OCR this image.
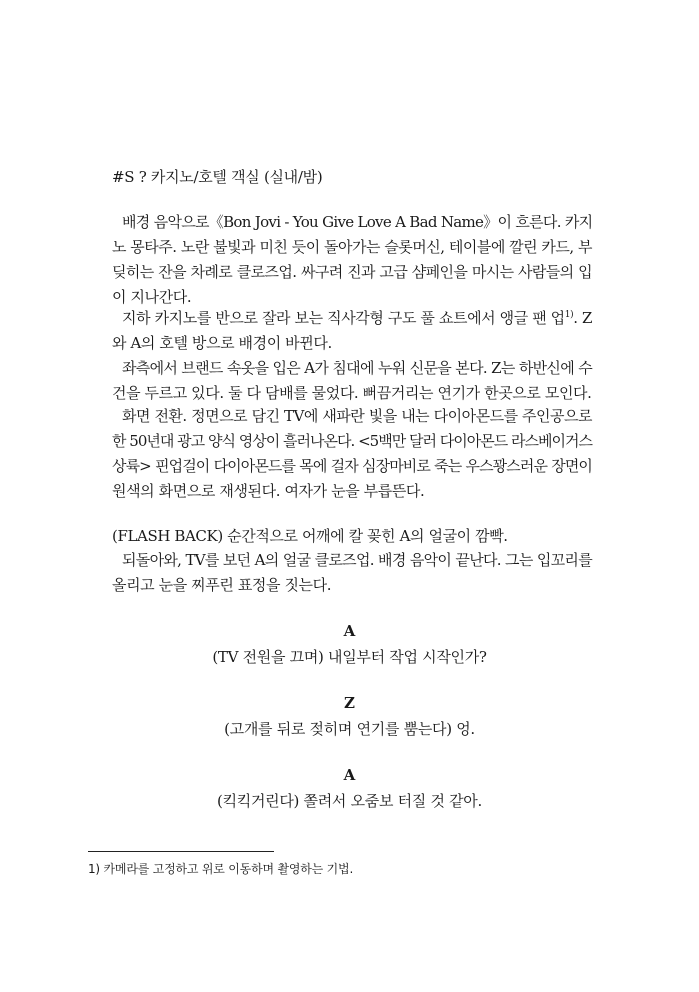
#S ? 카지노/호텔 객실 (실내/밤)
배경 음악으로《Bon Jovi - You Give Love A Bad Name》이 흐른다. 카지
노 몽타주. 노란 불빛과 미친 듯이 돌아가는 슬롯머신, 테이블에 깔린 카드, 부
딪히는 잔을 차례로 클로즈업. 싸구려 진과 고급 샴페인을 마시는 사람들의 입
이 지나간다.
지하 카지노를 반으로 잘라 보는 직사각형 구도 풀 쇼트에서 앵글 팬 업$^{1)}$. Z
와 A의 호텔 방으로 배경이 바뀐다.
좌측에서 브랜드 속옷을 입은 A가 침대에 누워 신문을 본다. Z는 하반신에 수
건을 두르고 있다. 둘 다 담배를 물었다. 뻐끔거리는 연기가 한곳으로 모인다.
화면 전환. 정면으로 담긴 TV에 새파란 빛을 내는 다이아몬드를 주인공으로
한 50년대 광고 양식 영상이 흘러나온다. <5백만 달러 다이아몬드 라스베이거스
상륙> 핀업걸이 다이아몬드를 목에 걸자 심장마비로 죽는 우스꽝스러운 장면이
원색의 화면으로 재생된다. 여자가 눈을 부릅뜬다.
(FLASH BACK) 순간적으로 어깨에 칼 꽂힌 A의 얼굴이 깜빡.
되돌아와, TV를 보던 A의 얼굴 클로즈업. 배경 음악이 끝난다. 그는 입꼬리를
올리고 눈을 찌푸린 표정을 짓는다.
A
(TV 전원을 끄며) 내일부터 작업 시작인가?
Z
(고개를 뒤로 젖히며 연기를 뿜는다) 엉.
A
(킥킥거린다) 쫄려서 오줌보 터질 것 같아.
1) 카메라를 고정하고 위로 이동하며 촬영하는 기법.
